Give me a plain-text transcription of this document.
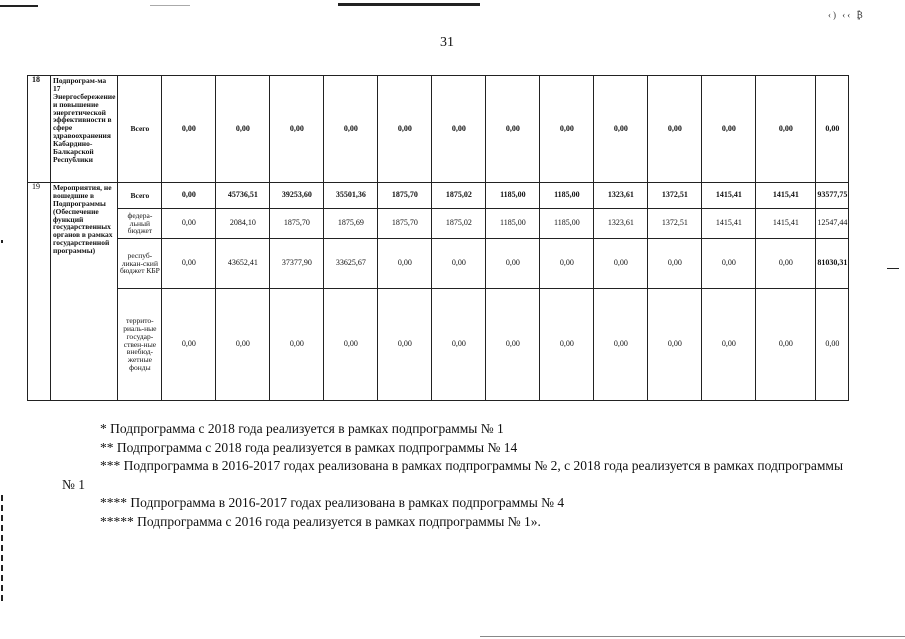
31
‹) ‹‹ ₿
18	Подпрограм-ма 17 Энергосбережение и повышение энергетической эффективности в сфере здравоохранения Кабардино-Балкарской Республики	Всего	0,00	0,00	0,00	0,00	0,00	0,00	0,00	0,00	0,00	0,00	0,00	0,00	0,00
19	Мероприятия, не вошедшие в Подпрограммы (Обеспечение функций государственных органов в рамках государственной программы)	Всего	0,00	45736,51	39253,60	35501,36	1875,70	1875,02	1185,00	1185,00	1323,61	1372,51	1415,41	1415,41	93577,75
		федера-льный бюджет	0,00	2084,10	1875,70	1875,69	1875,70	1875,02	1185,00	1185,00	1323,61	1372,51	1415,41	1415,41	12547,44
		респуб-ликан-ский бюджет КБР	0,00	43652,41	37377,90	33625,67	0,00	0,00	0,00	0,00	0,00	0,00	0,00	0,00	81030,31
		террито-риаль-ные государ-ствен-ные внебюд-жетные фонды	0,00	0,00	0,00	0,00	0,00	0,00	0,00	0,00	0,00	0,00	0,00	0,00	0,00

* Подпрограмма с 2018 года реализуется в рамках подпрограммы № 1

** Подпрограмма с 2018 года реализуется в рамках подпрограммы № 14

*** Подпрограмма в 2016-2017 годах реализована в рамках подпрограммы № 2, с 2018 года реализуется в рамках подпрограммы № 1

**** Подпрограмма в 2016-2017 годах реализована в рамках подпрограммы № 4

***** Подпрограмма с 2016 года реализуется в рамках подпрограммы № 1».
